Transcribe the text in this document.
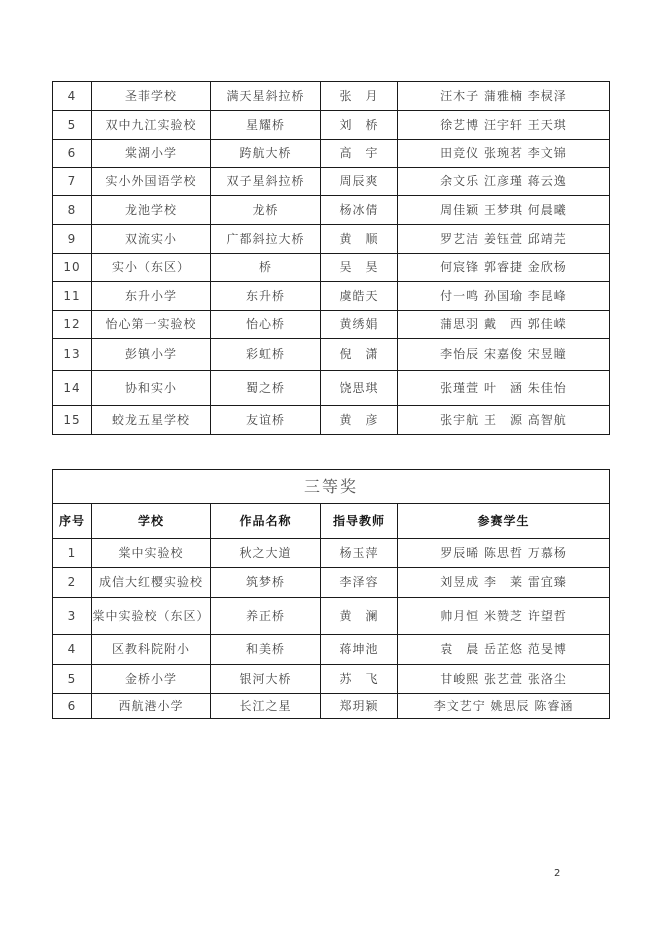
4	圣菲学校	满天星斜拉桥	张　月	汪木子 蒲雅楠 李棂泽
5	双中九江实验校	星耀桥	刘　桥	徐艺博 汪宇轩 王天琪
6	棠湖小学	跨航大桥	高　宇	田竞仪 张琬茗 李文锦
7	实小外国语学校	双子星斜拉桥	周辰爽	余文乐 江彦瑾 蒋云逸
8	龙池学校	龙桥	杨冰倩	周佳颖 王梦琪 何晨曦
9	双流实小	广都斜拉大桥	黄　顺	罗艺洁 姜钰萱 邱靖芫
10	实小（东区）	桥	吴　昊	何宸锋 郭睿捷 金欣杨
11	东升小学	东升桥	虞皓天	付一鸣 孙国瑜 李昆峰
12	怡心第一实验校	怡心桥	黄绣娟	蒲思羽 戴　西 郭佳嵘
13	彭镇小学	彩虹桥	倪　潇	李怡辰 宋嘉俊 宋昱瞳
14	协和实小	蜀之桥	饶思琪	张瑾萱 叶　涵 朱佳怡
15	蛟龙五星学校	友谊桥	黄　彦	张宇航 王　源 高智航
三等奖				
序号	学校	作品名称	指导教师	参赛学生
1	棠中实验校	秋之大道	杨玉萍	罗辰晞 陈思哲 万慕杨
2	成信大红樱实验校	筑梦桥	李泽容	刘昱成 李　莱 雷宜臻
3	棠中实验校（东区）	养正桥	黄　澜	帅月恒 米赞芝 许望哲
4	区教科院附小	和美桥	蒋坤池	袁　晨 岳芷悠 范旻博
5	金桥小学	银河大桥	苏　飞	甘峻熙 张艺萱 张洛尘
6	西航港小学	长江之星	郑玥颖	李文艺宁 姚思辰 陈睿涵
2
